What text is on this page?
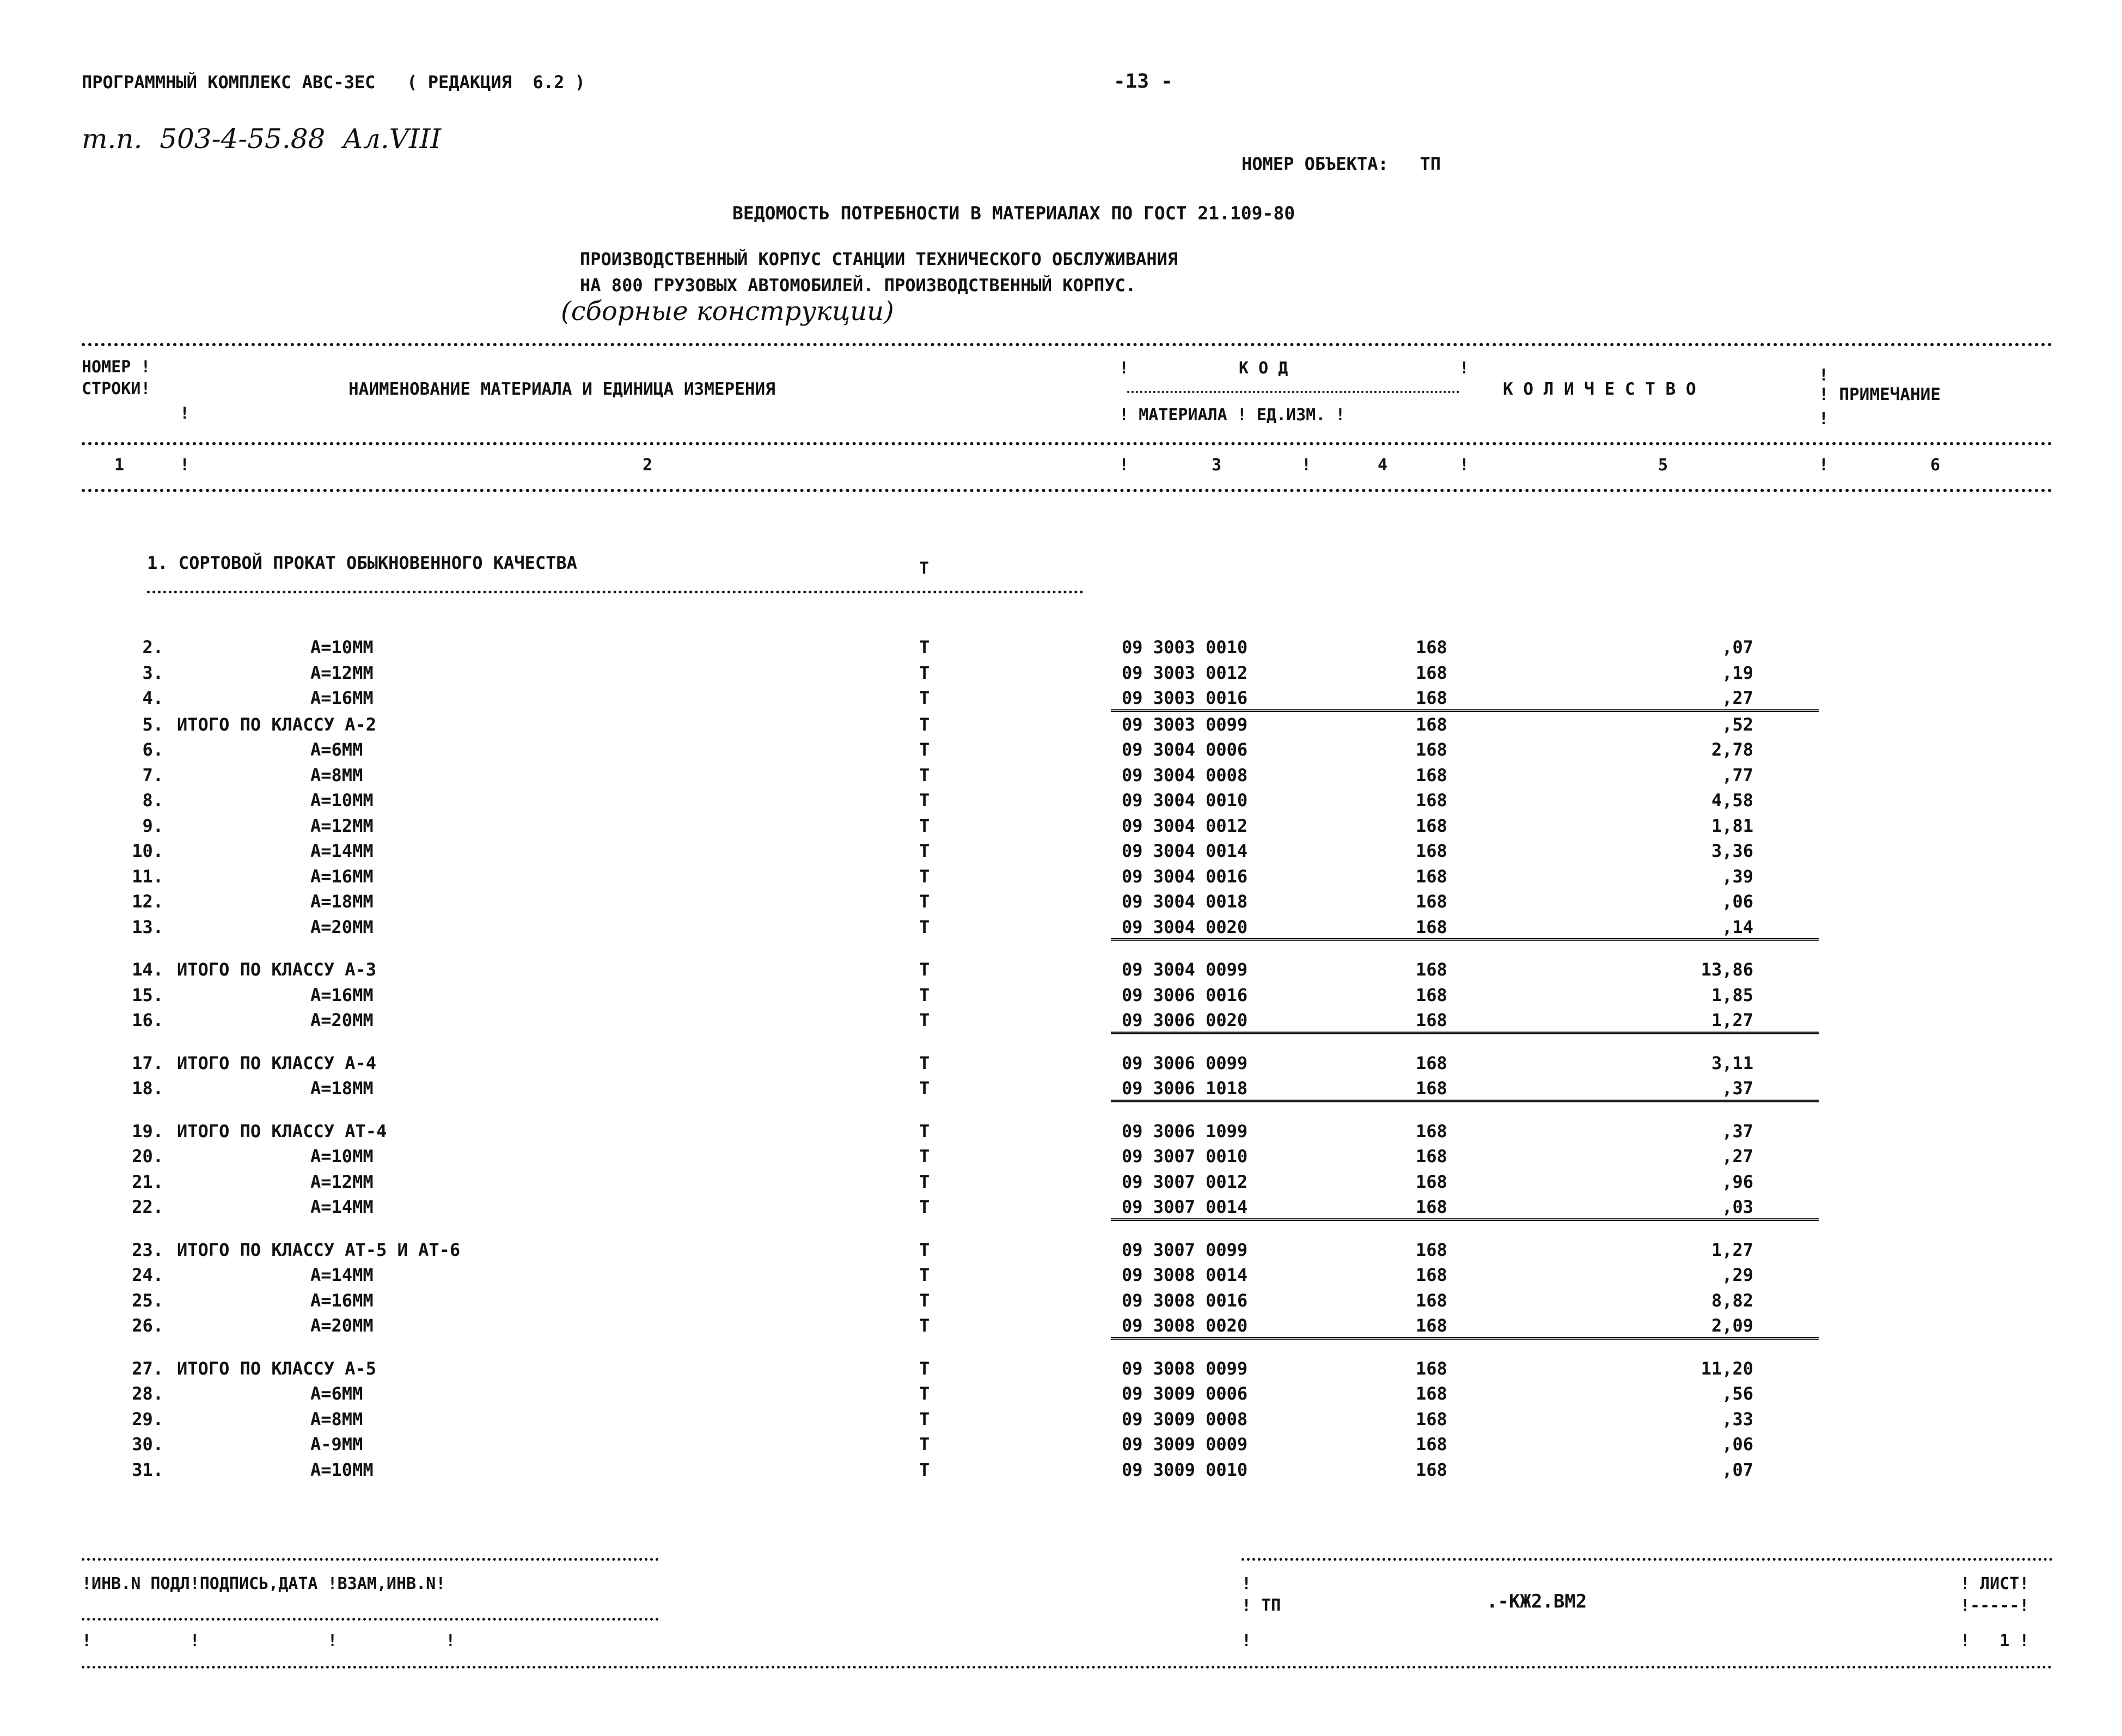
ПРОГРАММНЫЙ КОМПЛЕКС АВС-ЗЕС   ( РЕДАКЦИЯ  6.2 )	-13 -
т.п.  503-4-55.88  Ал.VIII
НОМЕР ОБЪЕКТА:   ТП
ВЕДОМОСТЬ ПОТРЕБНОСТИ В МАТЕРИАЛАХ ПО ГОСТ 21.109-80
ПРОИЗВОДСТВЕННЫЙ КОРПУС СТАНЦИИ ТЕХНИЧЕСКОГО ОБСЛУЖИВАНИЯ
НА 800 ГРУЗОВЫХ АВТОМОБИЛЕЙ. ПРОИЗВОДСТВЕННЫЙ КОРПУС.
(сборные конструкции)
НОМЕР !
СТРОКИ!
!
НАИМЕНОВАНИЕ МАТЕРИАЛА И ЕДИНИЦА ИЗМЕРЕНИЯ
!	К О Д	!
! МАТЕРИАЛА ! ЕД.ИЗМ. !
К О Л И Ч Е С Т В О
!
! ПРИМЕЧАНИЕ
!
1	!	2	!	3	!	4	!	5	!	6
1. СОРТОВОЙ ПРОКАТ ОБЫКНОВЕННОГО КАЧЕСТВА	Т
2.	А=10ММ	Т	09 3003 0010	168	,07
3.	А=12ММ	Т	09 3003 0012	168	,19
4.	А=16ММ	Т	09 3003 0016	168	,27
5. ИТОГО ПО КЛАССУ А-2	Т	09 3003 0099	168	,52
6.	А=6ММ	Т	09 3004 0006	168	2,78
7.	А=8ММ	Т	09 3004 0008	168	,77
8.	А=10ММ	Т	09 3004 0010	168	4,58
9.	А=12ММ	Т	09 3004 0012	168	1,81
10.	А=14ММ	Т	09 3004 0014	168	3,36
11.	А=16ММ	Т	09 3004 0016	168	,39
12.	А=18ММ	Т	09 3004 0018	168	,06
13.	А=20ММ	Т	09 3004 0020	168	,14
14. ИТОГО ПО КЛАССУ А-3	Т	09 3004 0099	168	13,86
15.	А=16ММ	Т	09 3006 0016	168	1,85
16.	А=20ММ	Т	09 3006 0020	168	1,27
17. ИТОГО ПО КЛАССУ А-4	Т	09 3006 0099	168	3,11
18.	А=18ММ	Т	09 3006 1018	168	,37
19. ИТОГО ПО КЛАССУ АТ-4	Т	09 3006 1099	168	,37
20.	А=10ММ	Т	09 3007 0010	168	,27
21.	А=12ММ	Т	09 3007 0012	168	,96
22.	А=14ММ	Т	09 3007 0014	168	,03
23. ИТОГО ПО КЛАССУ АТ-5 И АТ-6	Т	09 3007 0099	168	1,27
24.	А=14ММ	Т	09 3008 0014	168	,29
25.	А=16ММ	Т	09 3008 0016	168	8,82
26.	А=20ММ	Т	09 3008 0020	168	2,09
27. ИТОГО ПО КЛАССУ А-5	Т	09 3008 0099	168	11,20
28.	А=6ММ	Т	09 3009 0006	168	,56
29.	А=8ММ	Т	09 3009 0008	168	,33
30.	А-9ММ	Т	09 3009 0009	168	,06
31.	А=10ММ	Т	09 3009 0010	168	,07
!ИНВ.N ПОДЛ!ПОДПИСЬ,ДАТА !ВЗАМ,ИНВ.N!	!	! ЛИСТ!
! ТП	.-КЖ2.ВМ2	!-----!
!          !             !           !	!	!   1 !
